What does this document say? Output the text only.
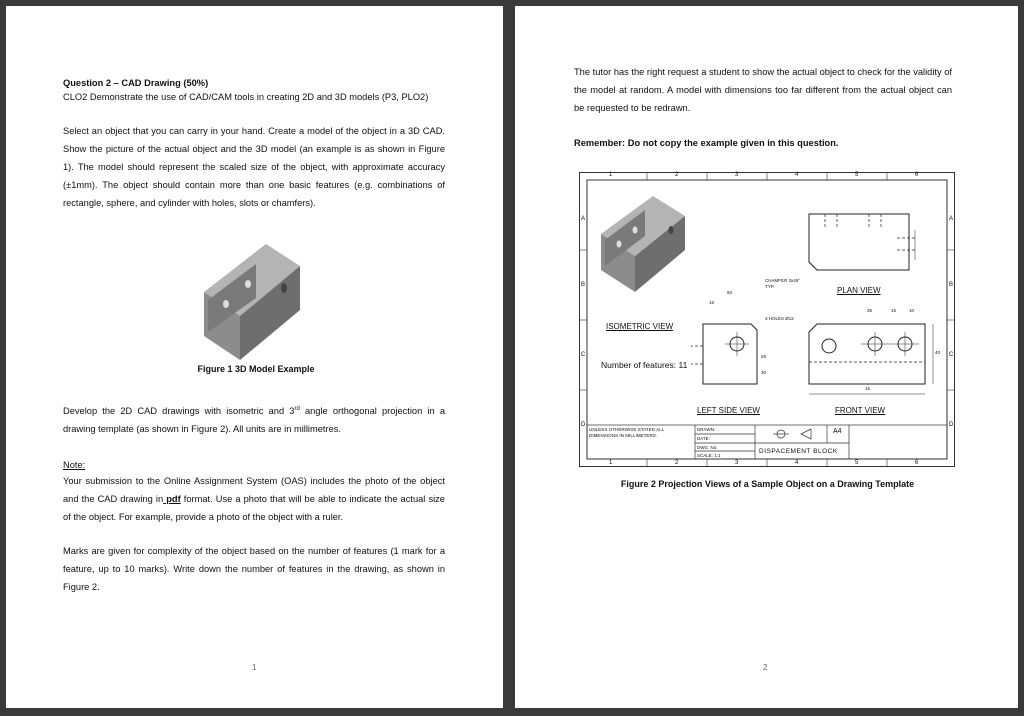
Question 2 – CAD Drawing (50%)
CLO2 Demonstrate the use of CAD/CAM tools in creating 2D and 3D models (P3, PLO2)
Select an object that you can carry in your hand. Create a model of the object in a 3D CAD. Show the picture of the actual object and the 3D model (an example is as shown in Figure 1). The model should represent the scaled size of the object, with approximate accuracy (±1mm). The object should contain more than one basic features (e.g. combinations of rectangle, sphere, and cylinder with holes, slots or chamfers).
Figure 1 3D Model Example
Develop the 2D CAD drawings with isometric and 3rd angle orthogonal projection in a drawing template (as shown in Figure 2). All units are in millimetres.
Note:
Your submission to the Online Assignment System (OAS) includes the photo of the object and the CAD drawing in pdf format. Use a photo that will be able to indicate the actual size of the object. For example, provide a photo of the object with a ruler.
Marks are given for complexity of the object based on the number of features (1 mark for a feature, up to 10 marks). Write down the number of features in the drawing, as shown in Figure 2.
1
The tutor has the right request a student to show the actual object to check for the validity of the model at random. A model with dimensions too far different from the actual object can be requested to be redrawn.
Remember: Do not copy the example given in this question.
1	2	3	4	5	6
1	2	3	4	5	6
A
B
C
D
A
B
C
D
ISOMETRIC VIEW
PLAN VIEW
LEFT SIDE VIEW	FRONT VIEW
Number of features: 11
CHAMFER 3x45° TYP.
3 HOLES Ø12
60
15
35	15	10
15
40
25
30
UNLESS OTHERWISE STATED ALL DIMENSIONS IN MILLIMETERS.
DRAWN:
DATE:
DWG. No:
SCALE: 1:1
A4
DISPACEMENT BLOCK
Figure 2 Projection Views of a Sample Object on a Drawing Template
2
